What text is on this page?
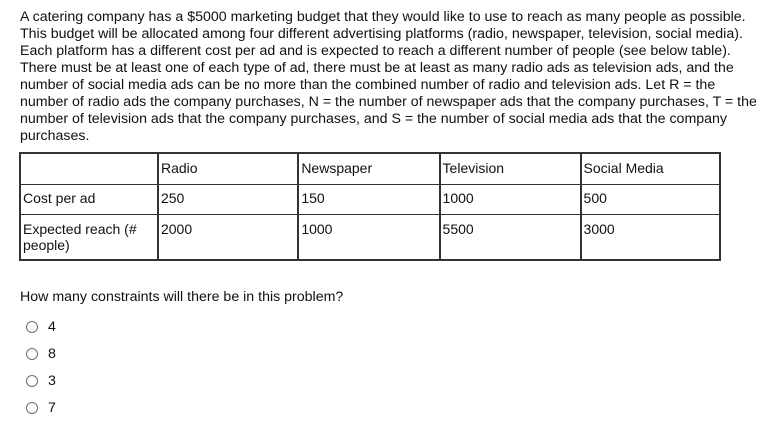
A catering company has a $5000 marketing budget that they would like to use to reach as many people as possible. This budget will be allocated among four different advertising platforms (radio, newspaper, television, social media). Each platform has a different cost per ad and is expected to reach a different number of people (see below table). There must be at least one of each type of ad, there must be at least as many radio ads as television ads, and the number of social media ads can be no more than the combined number of radio and television ads. Let R = the number of radio ads the company purchases, N = the number of newspaper ads that the company purchases, T = the number of television ads that the company purchases, and S = the number of social media ads that the company purchases.

	Radio	Newspaper	Television	Social Media
Cost per ad	250	150	1000	500
Expected reach (# people)	2000	1000	5500	3000
How many constraints will there be in this problem?
4
8
3
7
